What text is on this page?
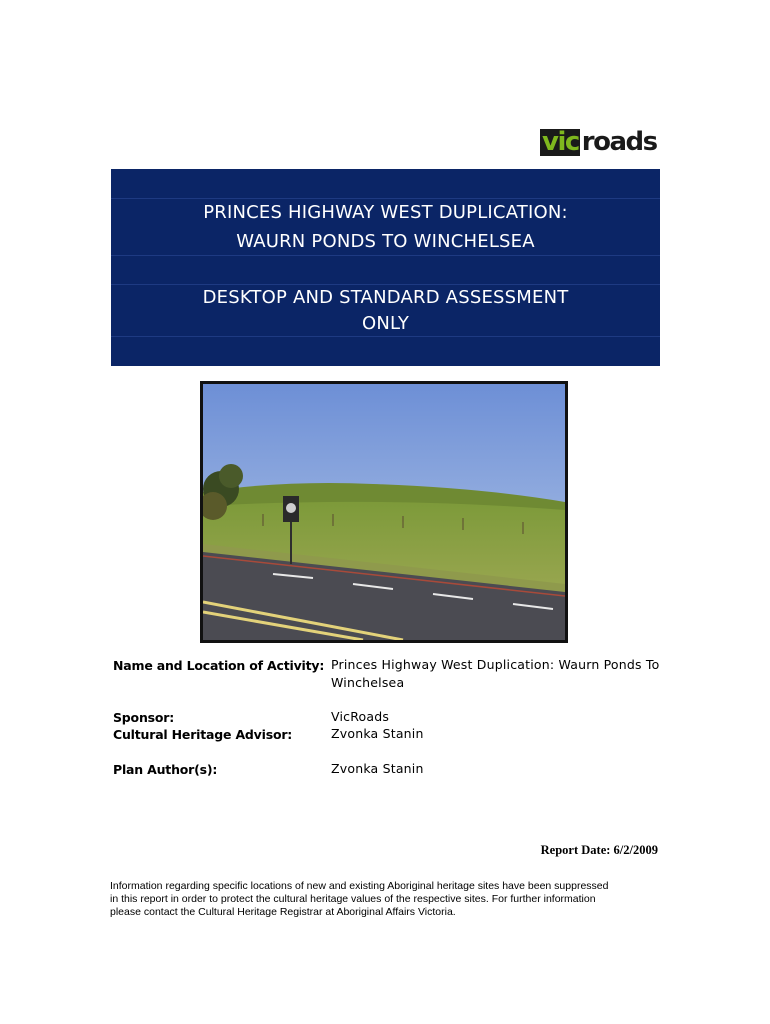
vic roads
PRINCES HIGHWAY WEST DUPLICATION:
WAURN PONDS TO WINCHELSEA
DESKTOP AND STANDARD ASSESSMENT
ONLY
Name and Location of Activity: Princes Highway West Duplication: Waurn Ponds To
Winchelsea
Sponsor:	VicRoads
Cultural Heritage Advisor:	Zvonka Stanin
Plan Author(s):	Zvonka Stanin
Report Date: 6/2/2009
Information regarding specific locations of new and existing Aboriginal heritage sites have been suppressed
in this report in order to protect the cultural heritage values of the respective sites. For further information
please contact the Cultural Heritage Registrar at Aboriginal Affairs Victoria.
